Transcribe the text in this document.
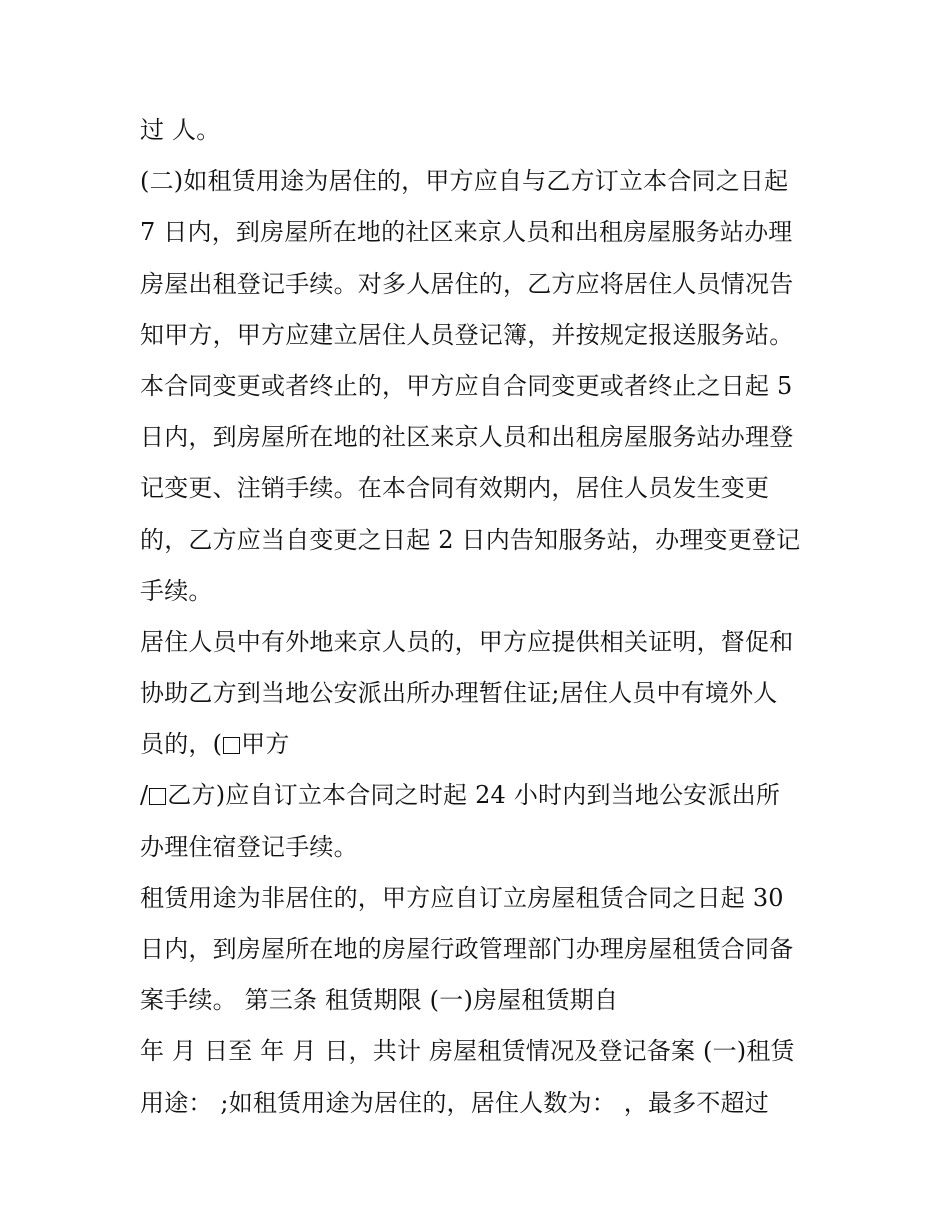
过 人。
(二)如租赁用途为居住的，甲方应自与乙方订立本合同之日起
7 日内，到房屋所在地的社区来京人员和出租房屋服务站办理
房屋出租登记手续。对多人居住的，乙方应将居住人员情况告
知甲方，甲方应建立居住人员登记簿，并按规定报送服务站。
本合同变更或者终止的，甲方应自合同变更或者终止之日起 5
日内，到房屋所在地的社区来京人员和出租房屋服务站办理登
记变更、注销手续。在本合同有效期内，居住人员发生变更
的，乙方应当自变更之日起 2 日内告知服务站，办理变更登记
手续。
居住人员中有外地来京人员的，甲方应提供相关证明，督促和
协助乙方到当地公安派出所办理暂住证;居住人员中有境外人
员的，( 甲方
/ 乙方)应自订立本合同之时起 24 小时内到当地公安派出所
办理住宿登记手续。
租赁用途为非居住的，甲方应自订立房屋租赁合同之日起 30
日内，到房屋所在地的房屋行政管理部门办理房屋租赁合同备
案手续。 第三条 租赁期限 (一)房屋租赁期自
年 月 日至 年 月 日，共计 房屋租赁情况及登记备案 (一)租赁
用途： ;如租赁用途为居住的，居住人数为： ，最多不超过
